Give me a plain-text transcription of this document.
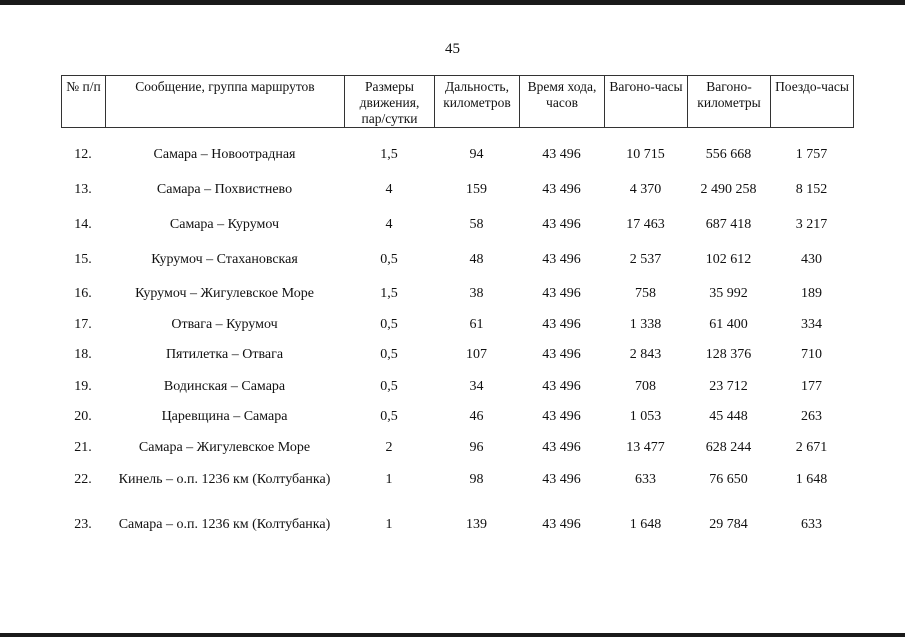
45
№ п/п	Сообщение, группа маршрутов	Размеры движения, пар/сутки	Дальность, километров	Время хода, часов	Вагоно-часы	Вагоно-километры	Поездо-часы
12.	Самара – Новоотрадная	1,5	94	43 496	10 715	556 668	1 757
13.	Самара – Похвистнево	4	159	43 496	4 370	2 490 258	8 152
14.	Самара – Курумоч	4	58	43 496	17 463	687 418	3 217
15.	Курумоч – Стахановская	0,5	48	43 496	2 537	102 612	430
16.	Курумоч – Жигулевское Море	1,5	38	43 496	758	35 992	189
17.	Отвага – Курумоч	0,5	61	43 496	1 338	61 400	334
18.	Пятилетка – Отвага	0,5	107	43 496	2 843	128 376	710
19.	Водинская – Самара	0,5	34	43 496	708	23 712	177
20.	Царевщина – Самара	0,5	46	43 496	1 053	45 448	263
21.	Самара – Жигулевское Море	2	96	43 496	13 477	628 244	2 671
22.	Кинель – о.п. 1236 км (Колтубанка)	1	98	43 496	633	76 650	1 648
23.	Самара – о.п. 1236 км (Колтубанка)	1	139	43 496	1 648	29 784	633
